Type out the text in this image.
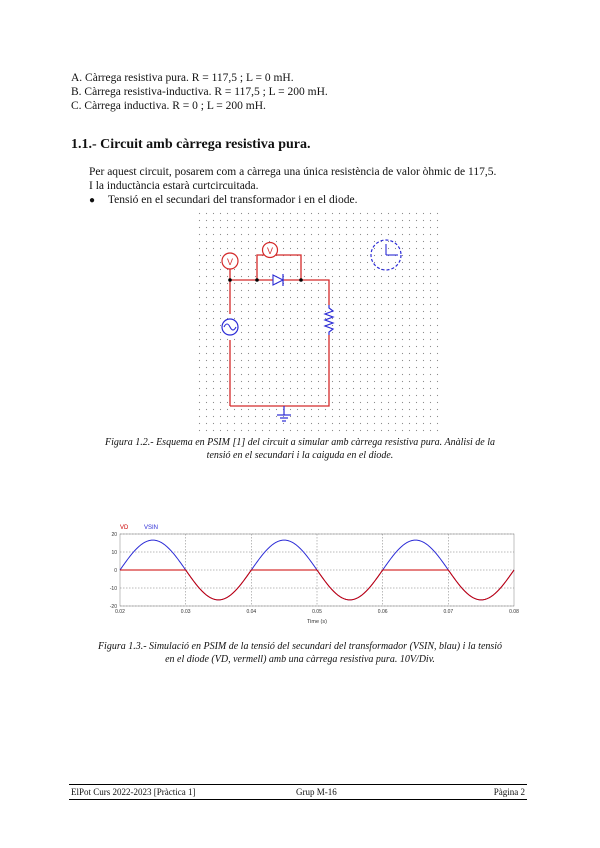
A. Càrrega resistiva pura. R = 117,5 ; L = 0 mH.
B. Càrrega resistiva-inductiva. R = 117,5 ; L = 200 mH.
C. Càrrega inductiva. R = 0 ; L = 200 mH.
1.1.- Circuit amb càrrega resistiva pura.
Per aquest circuit, posarem com a càrrega una única resistència de valor òhmic de 117,5.
I la inductància estarà curtcircuitada.
● Tensió en el secundari del transformador i en el diode.
V
V
Figura 1.2.- Esquema en PSIM [1] del circuit a simular amb càrrega resistiva pura. Anàlisi de la
tensió en el secundari i la caiguda en el diode.
VD	VSIN
20
10
0
-10
-20
0.02	0.03	0.04	0.05	0.06	0.07	0.08
Time (s)
Figura 1.3.- Simulació en PSIM de la tensió del secundari del transformador (VSIN, blau) i la tensió
en el diode (VD, vermell) amb una càrrega resistiva pura. 10V/Div.
ElPot Curs 2022-2023 [Pràctica 1]	Grup M-16	Pàgina 2
